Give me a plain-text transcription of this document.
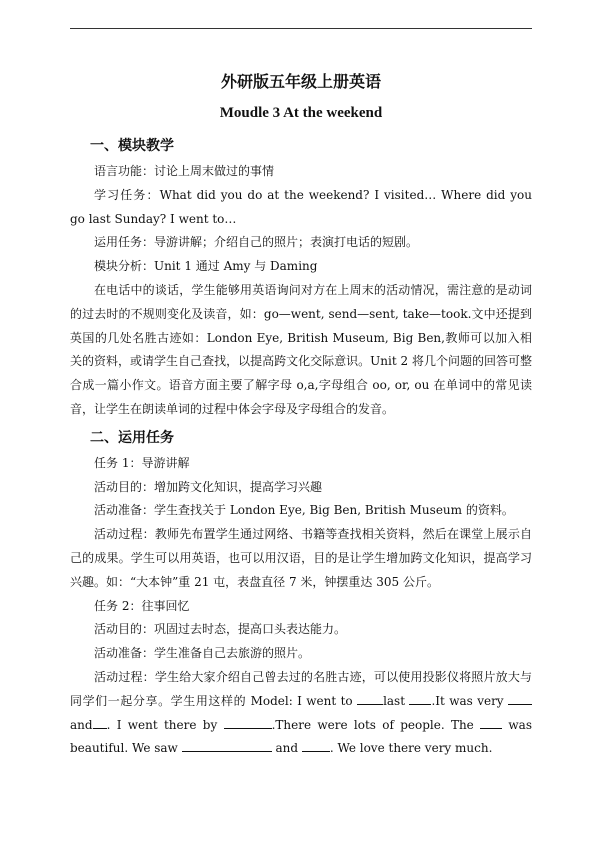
外研版五年级上册英语
Moudle 3 At the weekend
一、模块教学

语言功能：讨论上周末做过的事情

学习任务：What did you do at the weekend? I visited… Where did you go last Sunday? I went to…

运用任务：导游讲解；介绍自己的照片；表演打电话的短剧。

模块分析：Unit 1 通过 Amy 与 Daming

在电话中的谈话，学生能够用英语询问对方在上周末的活动情况，需注意的是动词的过去时的不规则变化及读音，如：go—went, send—sent, take—took.文中还提到英国的几处名胜古迹如：London Eye, British Museum, Big Ben,教师可以加入相关的资料，或请学生自己查找，以提高跨文化交际意识。Unit 2 将几个问题的回答可整合成一篇小作文。语音方面主要了解字母 o,a,字母组合 oo, or, ou 在单词中的常见读音，让学生在朗读单词的过程中体会字母及字母组合的发音。

二、运用任务

任务 1：导游讲解

活动目的：增加跨文化知识，提高学习兴趣

活动准备：学生查找关于 London Eye, Big Ben, British Museum 的资料。

活动过程：教师先布置学生通过网络、书籍等查找相关资料，然后在课堂上展示自己的成果。学生可以用英语，也可以用汉语，目的是让学生增加跨文化知识，提高学习兴趣。如：“大本钟”重 21 屯，表盘直径 7 米，钟摆重达 305 公斤。

任务 2：往事回忆

活动目的：巩固过去时态，提高口头表达能力。

活动准备：学生准备自己去旅游的照片。

活动过程：学生给大家介绍自己曾去过的名胜古迹，可以使用投影仪将照片放大与同学们一起分享。学生用这样的 Model: I went to last .It was very and . I went there by	.There were lots of people. The  was beautiful. We saw	and . We love there very much.
